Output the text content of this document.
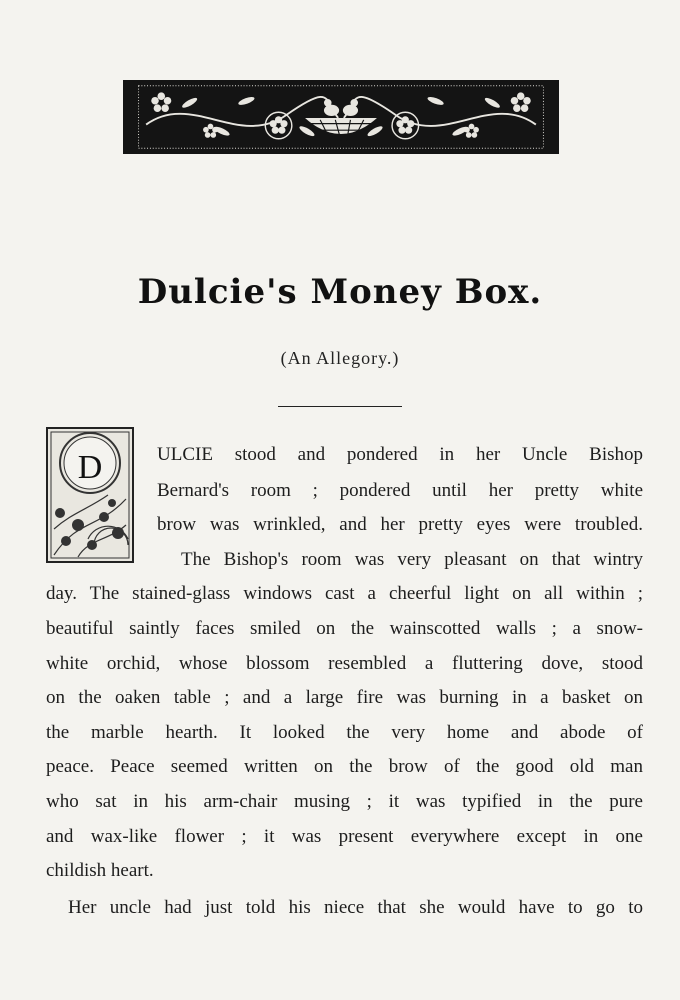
Dulcie's Money Box.

(An Allegory.)

D	ULCIE stood and pondered in her Uncle Bishop
Bernard's room ; pondered until her pretty white
brow was wrinkled, and her pretty eyes were troubled.
The Bishop's room was very pleasant on that wintry
day. The stained-glass windows cast a cheerful light on all within ;
beautiful saintly faces smiled on the wainscotted walls ; a snow-
white orchid, whose blossom resembled a fluttering dove, stood
on the oaken table ; and a large fire was burning in a basket on
the marble hearth. It looked the very home and abode of
peace. Peace seemed written on the brow of the good old man
who sat in his arm-chair musing ; it was typified in the pure
and wax-like flower ; it was present everywhere except in one
childish heart.
Her uncle had just told his niece that she would have to go to
